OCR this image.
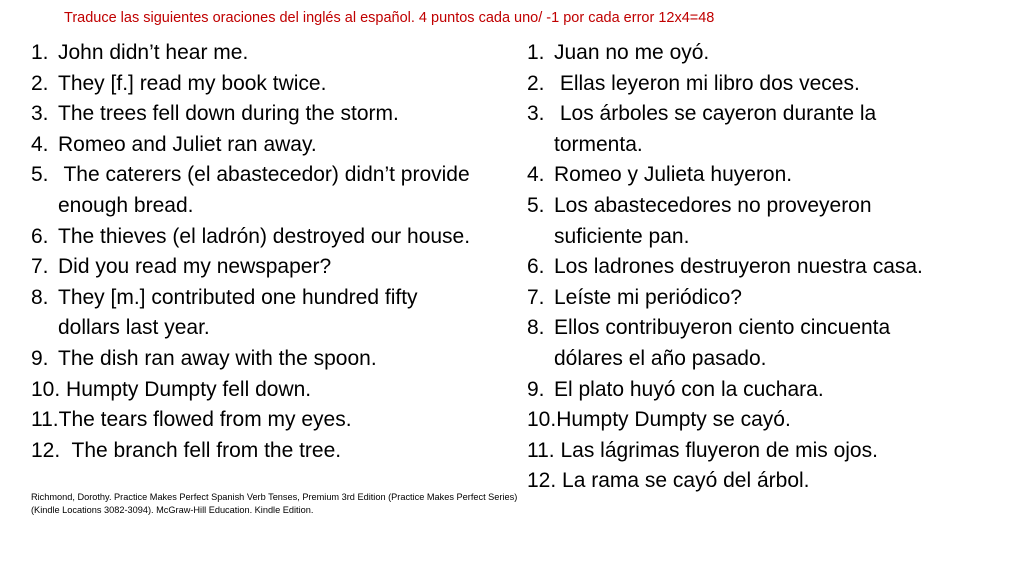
Traduce las siguientes oraciones del inglés al español. 4 puntos cada uno/ -1 por cada error 12x4=48
1. John didn’t hear me.
2. They [f.] read my book twice.
3. The trees fell down during the storm.
4. Romeo and Juliet ran away.
5. The caterers (el abastecedor) didn’t provide
enough bread.
6. The thieves (el ladrón) destroyed our house.
7. Did you read my newspaper?
8. They [m.] contributed one hundred fifty
dollars last year.
9. The dish ran away with the spoon.
10. Humpty Dumpty fell down.
11.The tears flowed from my eyes.
12.  The branch fell from the tree.
1. Juan no me oyó.
2. Ellas leyeron mi libro dos veces.
3. Los árboles se cayeron durante la
tormenta.
4. Romeo y Julieta huyeron.
5. Los abastecedores no proveyeron
suficiente pan.
6. Los ladrones destruyeron nuestra casa.
7. Leíste mi periódico?
8. Ellos contribuyeron ciento cincuenta
dólares el año pasado.
9. El plato huyó con la cuchara.
10.Humpty Dumpty se cayó.
11. Las lágrimas fluyeron de mis ojos.
12. La rama se cayó del árbol.
Richmond, Dorothy. Practice Makes Perfect Spanish Verb Tenses, Premium 3rd Edition (Practice Makes Perfect Series) (Kindle Locations 3082-3094). McGraw-Hill Education. Kindle Edition.
